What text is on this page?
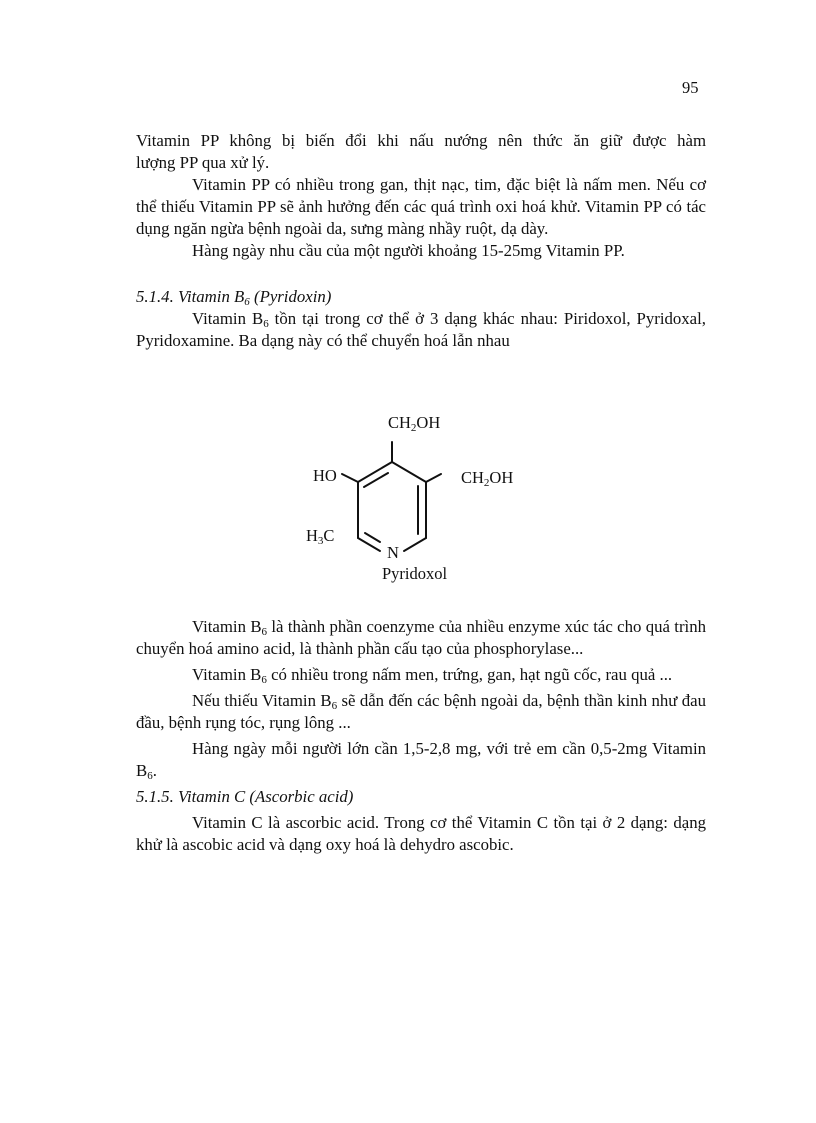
95

Vitamin PP không bị biến đổi khi nấu nướng nên thức ăn giữ được hàm
lượng PP qua xử lý.

Vitamin PP có nhiều trong gan, thịt nạc, tim, đặc biệt là nấm men. Nếu cơ thể thiếu Vitamin PP sẽ ảnh hưởng đến các quá trình oxi hoá khử. Vitamin PP có tác dụng ngăn ngừa bệnh ngoài da, sưng màng nhầy ruột, dạ dày.

Hàng ngày nhu cầu của một người khoảng 15-25mg Vitamin PP.

5.1.4. Vitamin $B_6$ (Pyridoxin)

Vitamin $B_6$ tồn tại trong cơ thể ở 3 dạng khác nhau: Piridoxol, Pyridoxal, Pyridoxamine. Ba dạng này có thể chuyển hoá lẫn nhau

$CH_2OH$
HO	$CH_2OH$
$H_3C$
N
Pyridoxol

Vitamin $B_6$ là thành phần coenzyme của nhiều enzyme xúc tác cho quá trình chuyển hoá amino acid, là thành phần cấu tạo của phosphorylase...

Vitamin $B_6$ có nhiều trong nấm men, trứng, gan, hạt ngũ cốc, rau quả ...

Nếu thiếu Vitamin $B_6$ sẽ dẫn đến các bệnh ngoài da, bệnh thần kinh như đau đầu, bệnh rụng tóc, rụng lông ...

Hàng ngày mỗi người lớn cần 1,5-2,8 mg, với trẻ em cần 0,5-2mg Vitamin $B_6$.

5.1.5. Vitamin C (Ascorbic acid)

Vitamin C là ascorbic acid. Trong cơ thể Vitamin C tồn tại ở 2 dạng: dạng khử là ascobic acid và dạng oxy hoá là dehydro ascobic.
